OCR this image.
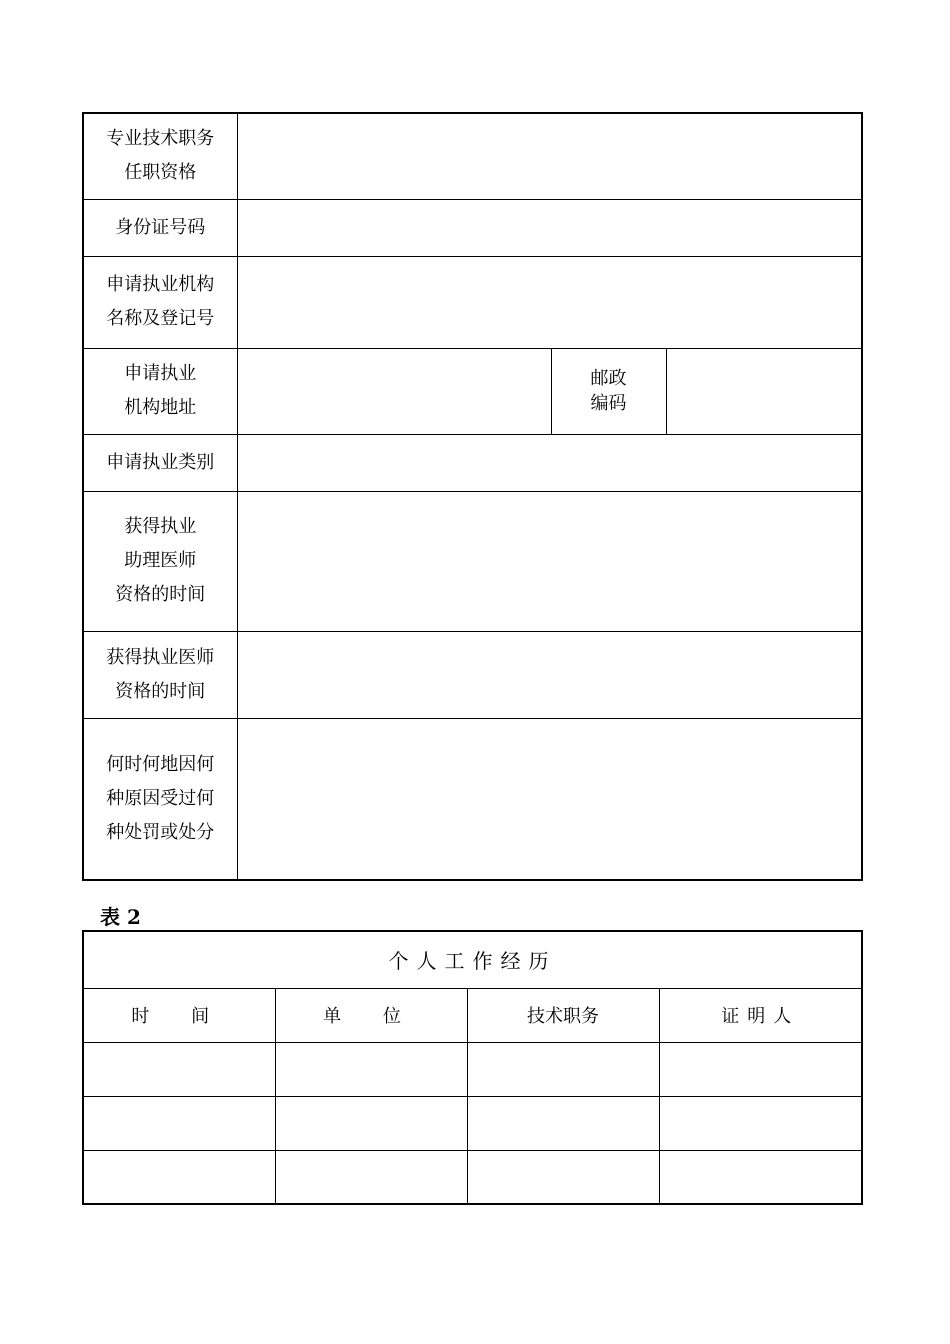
专业技术职务
任职资格			

身份证号码			

申请执业机构
名称及登记号			

申请执业
机构地址		邮政
编码	

申请执业类别			

获得执业
助理医师
资格的时间			

获得执业医师
资格的时间			

何时何地因何
种原因受过何
种处罚或处分			

表 2
个人工作经历			
时 间	单 位	技术职务	证明人
